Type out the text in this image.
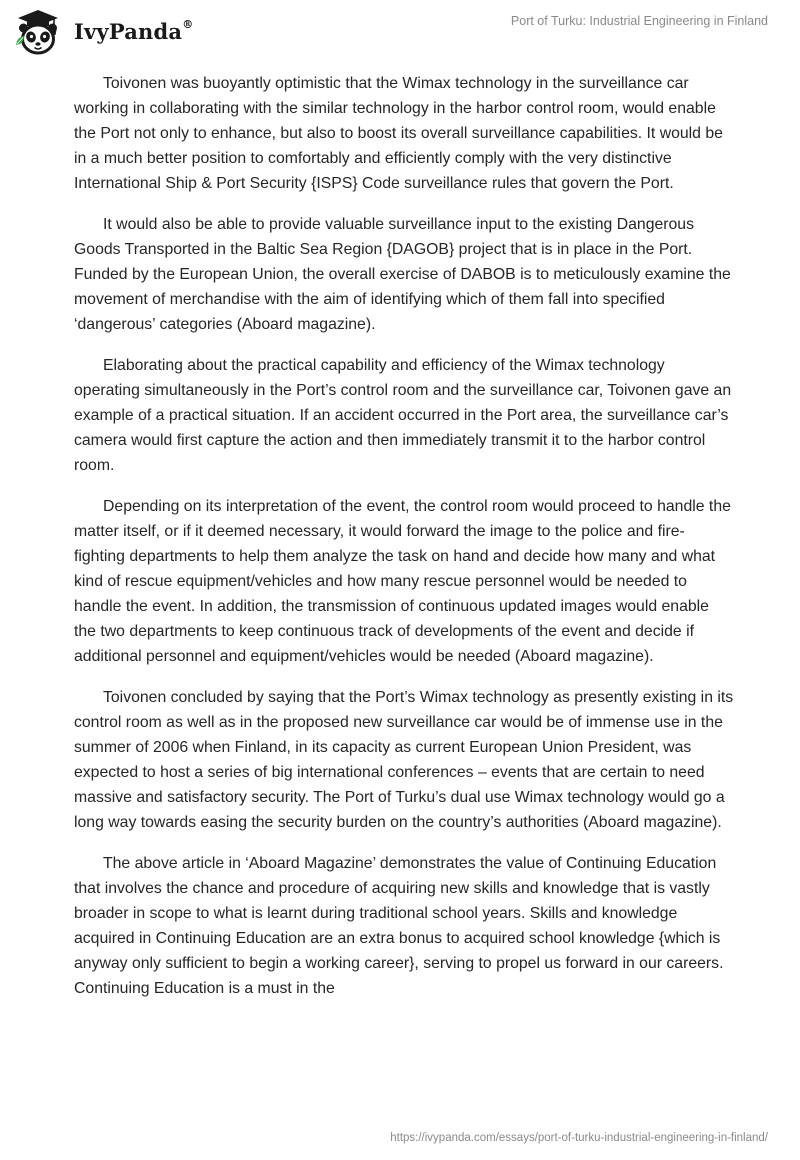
IvyPanda®	Port of Turku: Industrial Engineering in Finland

Toivonen was buoyantly optimistic that the Wimax technology in the surveillance car working in collaborating with the similar technology in the harbor control room, would enable the Port not only to enhance, but also to boost its overall surveillance capabilities. It would be in a much better position to comfortably and efficiently comply with the very distinctive International Ship & Port Security {ISPS} Code surveillance rules that govern the Port.

It would also be able to provide valuable surveillance input to the existing Dangerous Goods Transported in the Baltic Sea Region {DAGOB} project that is in place in the Port. Funded by the European Union, the overall exercise of DABOB is to meticulously examine the movement of merchandise with the aim of identifying which of them fall into specified ‘dangerous’ categories (Aboard magazine).

Elaborating about the practical capability and efficiency of the Wimax technology operating simultaneously in the Port’s control room and the surveillance car, Toivonen gave an example of a practical situation. If an accident occurred in the Port area, the surveillance car’s camera would first capture the action and then immediately transmit it to the harbor control room.

Depending on its interpretation of the event, the control room would proceed to handle the matter itself, or if it deemed necessary, it would forward the image to the police and fire-fighting departments to help them analyze the task on hand and decide how many and what kind of rescue equipment/vehicles and how many rescue personnel would be needed to handle the event. In addition, the transmission of continuous updated images would enable the two departments to keep continuous track of developments of the event and decide if additional personnel and equipment/vehicles would be needed (Aboard magazine).

Toivonen concluded by saying that the Port’s Wimax technology as presently existing in its control room as well as in the proposed new surveillance car would be of immense use in the summer of 2006 when Finland, in its capacity as current European Union President, was expected to host a series of big international conferences – events that are certain to need massive and satisfactory security. The Port of Turku’s dual use Wimax technology would go a long way towards easing the security burden on the country’s authorities (Aboard magazine).

The above article in ‘Aboard Magazine’ demonstrates the value of Continuing Education that involves the chance and procedure of acquiring new skills and knowledge that is vastly broader in scope to what is learnt during traditional school years. Skills and knowledge acquired in Continuing Education are an extra bonus to acquired school knowledge {which is anyway only sufficient to begin a working career}, serving to propel us forward in our careers. Continuing Education is a must in the

https://ivypanda.com/essays/port-of-turku-industrial-engineering-in-finland/
